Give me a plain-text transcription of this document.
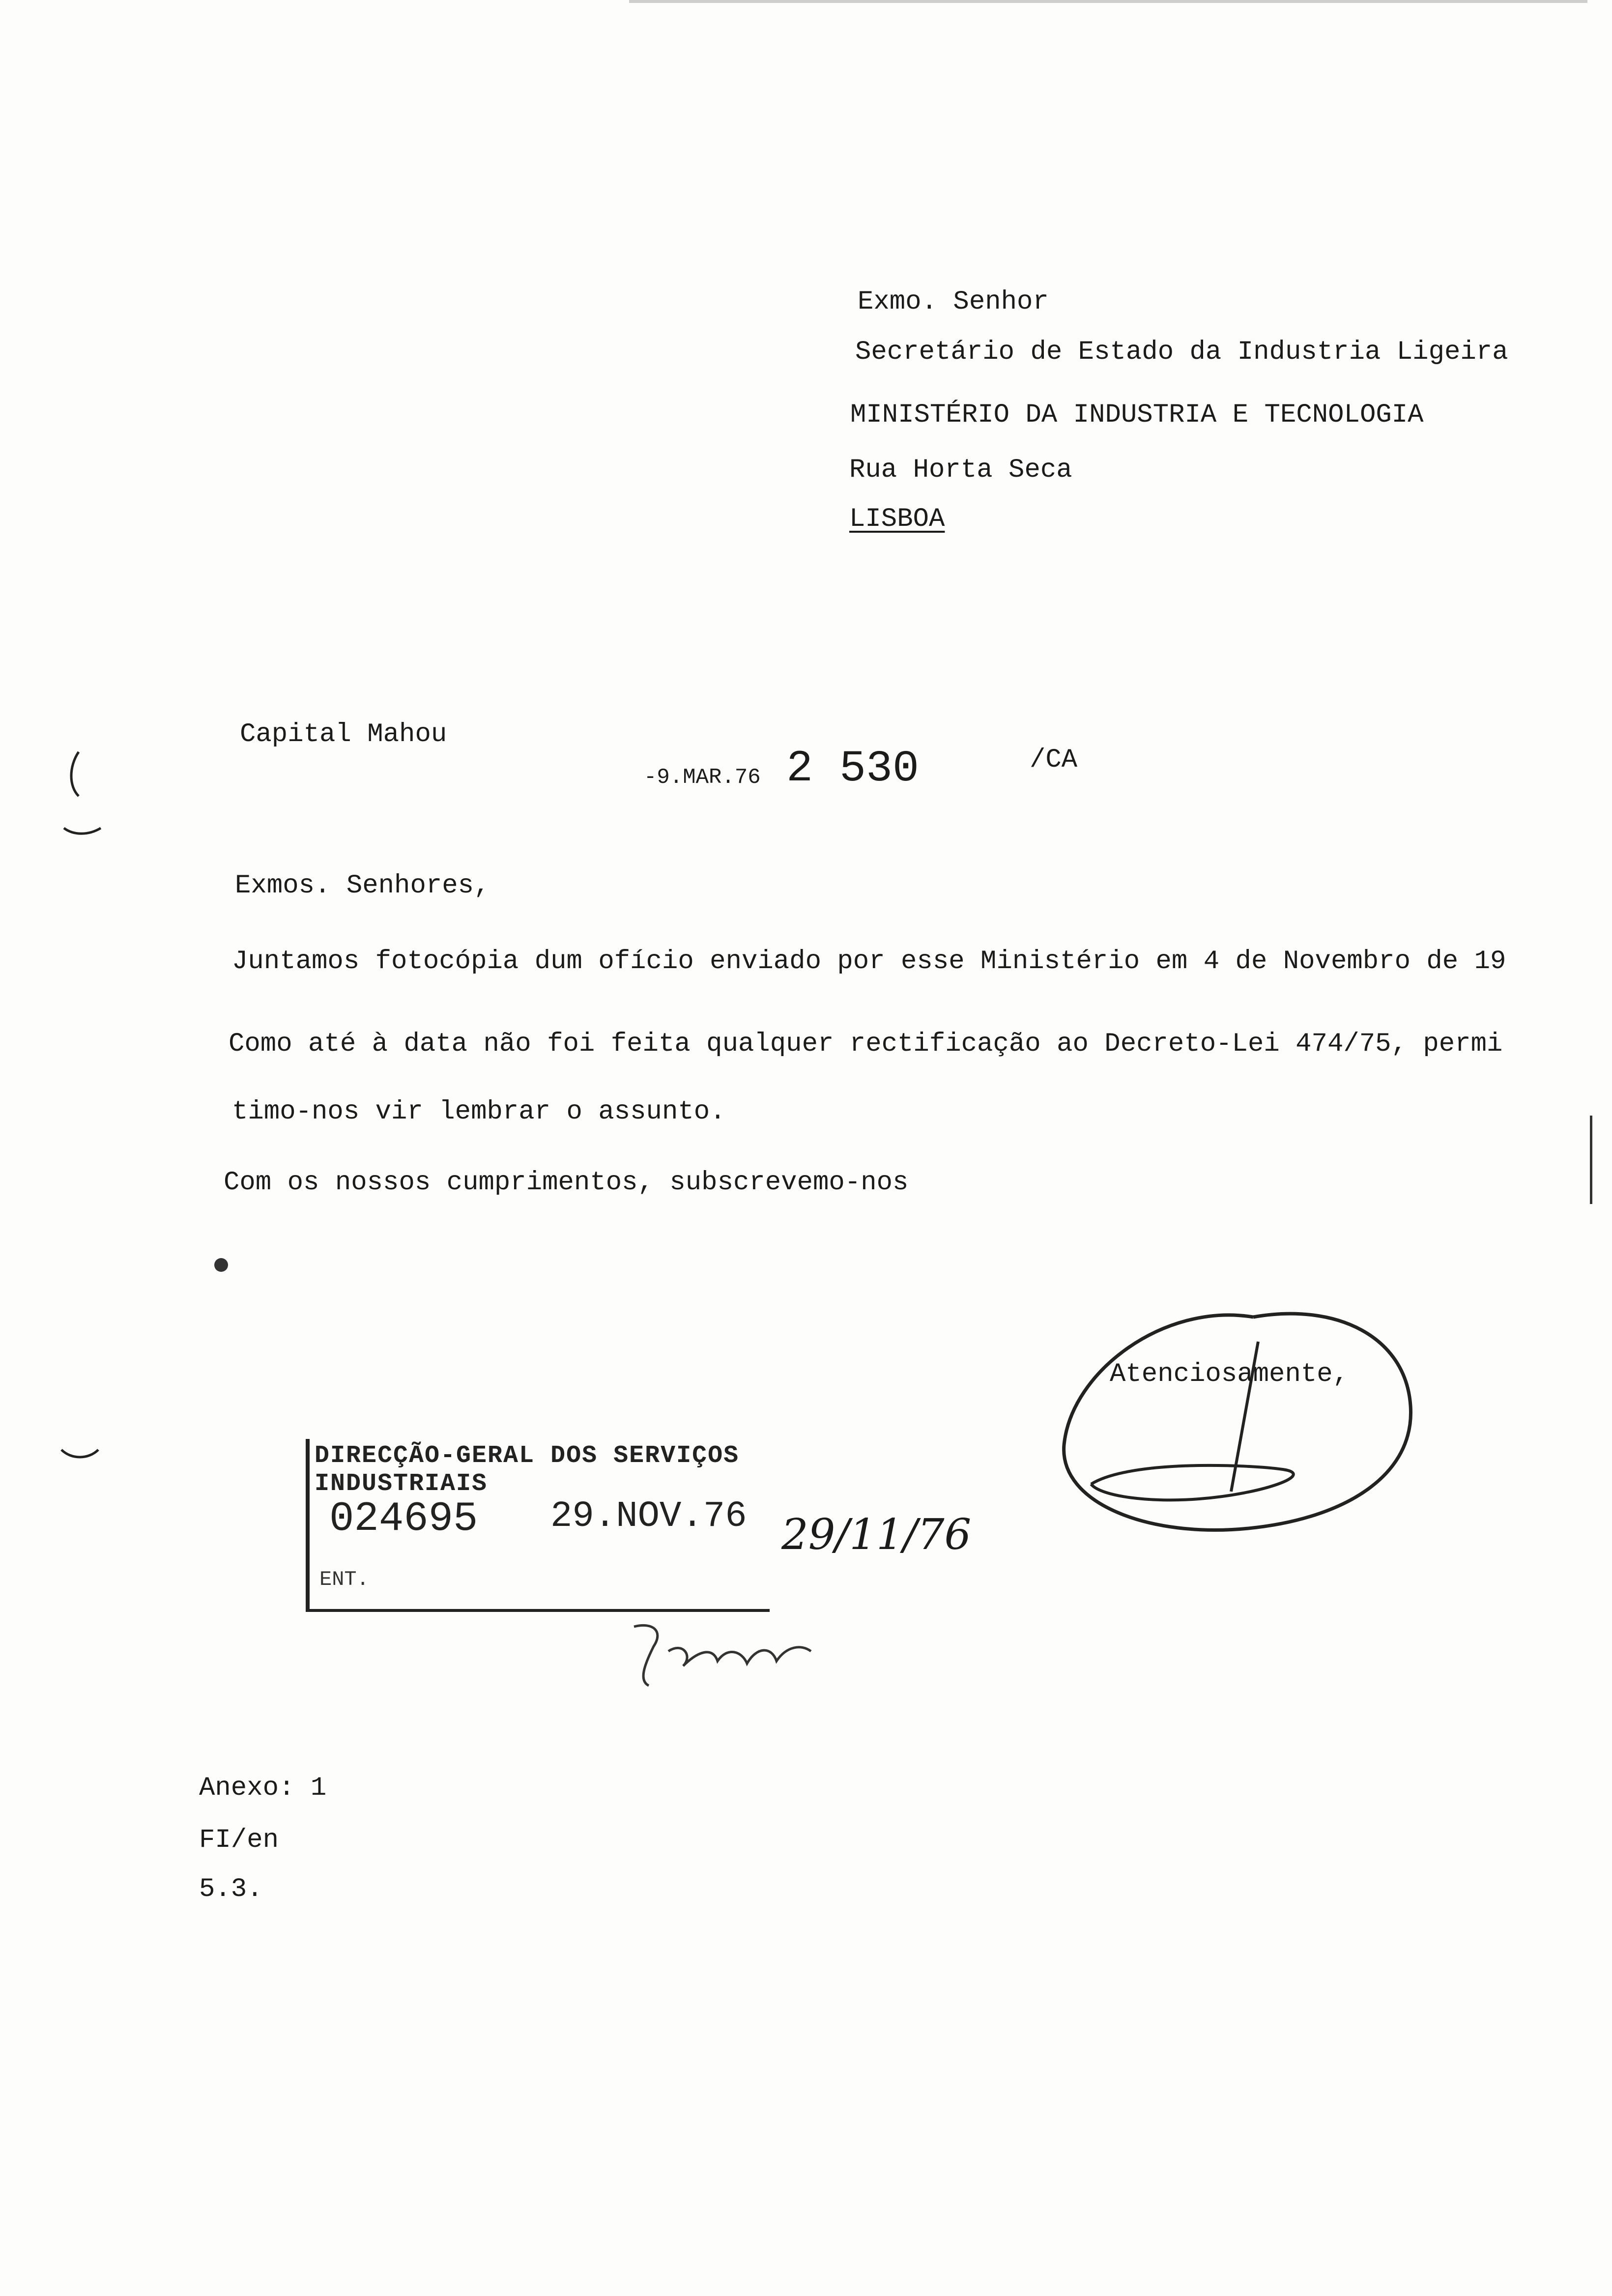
Exmo. Senhor
Secretário de Estado da Industria Ligeira
MINISTÉRIO DA INDUSTRIA E TECNOLOGIA
Rua Horta Seca
LISBOA
Capital Mahou
-9.MAR.76 2 530	/CA
Exmos. Senhores,
Juntamos fotocópia dum ofício enviado por esse Ministério em 4 de Novembro de 19
Como até à data não foi feita qualquer rectificação ao Decreto-Lei 474/75, permi
timo-nos vir lembrar o assunto.
Com os nossos cumprimentos, subscrevemo-nos
Atenciosamente,
DIRECÇÃO-GERAL DOS SERVIÇOS INDUSTRIAIS
024695 29.NOV.76
ENT.
29/11/76
Anexo: 1
FI/en
5.3.
